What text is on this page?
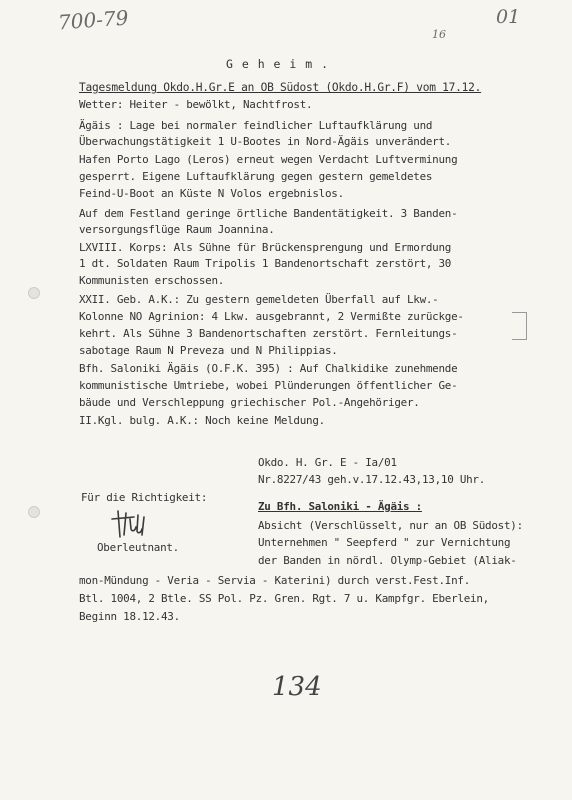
700-79	01
16
G e h e i m .
Tagesmeldung Okdo.H.Gr.E an OB Südost (Okdo.H.Gr.F) vom 17.12.
Wetter: Heiter - bewölkt, Nachtfrost.
Ägäis : Lage bei normaler feindlicher Luftaufklärung und
Überwachungstätigkeit 1 U-Bootes in Nord-Ägäis unverändert.
Hafen Porto Lago (Leros) erneut wegen Verdacht Luftverminung
gesperrt. Eigene Luftaufklärung gegen gestern gemeldetes
Feind-U-Boot an Küste N Volos ergebnislos.
Auf dem Festland geringe örtliche Bandentätigkeit. 3 Banden-
versorgungsflüge Raum Joannina.
LXVIII. Korps: Als Sühne für Brückensprengung und Ermordung
1 dt. Soldaten Raum Tripolis 1 Bandenortschaft zerstört, 30
Kommunisten erschossen.
XXII. Geb. A.K.: Zu gestern gemeldeten Überfall auf Lkw.-
Kolonne NO Agrinion: 4 Lkw. ausgebrannt, 2 Vermißte zurückge-
kehrt. Als Sühne 3 Bandenortschaften zerstört. Fernleitungs-
sabotage Raum N Preveza und N Philippias.
Bfh. Saloniki Ägäis (O.F.K. 395) : Auf Chalkidike zunehmende
kommunistische Umtriebe, wobei Plünderungen öffentlicher Ge-
bäude und Verschleppung griechischer Pol.-Angehöriger.
II.Kgl. bulg. A.K.: Noch keine Meldung.
Okdo. H. Gr. E - Ia/01
Nr.8227/43 geh.v.17.12.43,13,10 Uhr.
Für die Richtigkeit:
Oberleutnant.
Zu Bfh. Saloniki - Ägäis :
Absicht (Verschlüsselt, nur an OB Südost):
Unternehmen " Seepferd " zur Vernichtung
der Banden in nördl. Olymp-Gebiet (Aliak-
mon-Mündung - Veria - Servia - Katerini) durch verst.Fest.Inf.
Btl. 1004, 2 Btle. SS Pol. Pz. Gren. Rgt. 7 u. Kampfgr. Eberlein,
Beginn 18.12.43.
134
